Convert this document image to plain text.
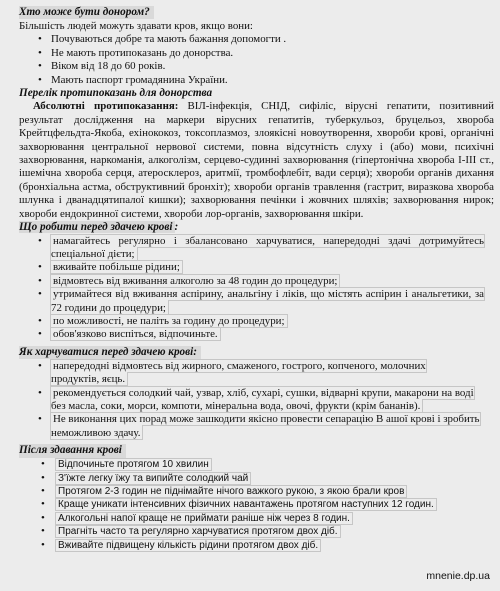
Хто може бути донором?
Більшість людей можуть здавати кров, якщо вони:
• Почуваються добре та мають бажання допомогти .
• Не мають протипоказань до донорства.
• Віком від 18 до 60 років.
• Мають паспорт громадянина України.
Перелік протипоказань для донорства
Абсолютні протипоказання: ВІЛ-інфекція, СНІД, сифіліс, вірусні гепатити, позитивний результат дослідження на маркери вірусних гепатитів, туберкульоз, бруцельоз, хвороба Крейтцфельдта-Якоба, ехінококоз, токсоплазмоз, злоякісні новоутворення, хвороби крові, органічні захворювання центральної нервової системи, повна відсутність слуху і (або) мови, психічні захворювання, наркоманія, алкоголізм, серцево-судинні захворювання (гіпертонічна хвороба І-ІІІ ст., ішемічна хвороба серця, атеросклероз, аритмії, тромбофлебіт, вади серця); хвороби органів дихання (бронхіальна астма, обструктивний бронхіт); хвороби органів травлення (гастрит, виразкова хвороба шлунка і дванадцятипалої кишки); захворювання печінки і жовчних шляхів; захворювання нирок; хвороби ендокринної системи, хвороби лор-органів, захворювання шкіри.
Що робити перед здачею крові :
• намагайтесь регулярно і збалансовано харчуватися, напередодні здачі дотримуйтесь спеціальної дієти;
• вживайте побільше рідини;
• відмовтесь від вживання алкоголю за 48 годин до процедури;
• утримайтеся від вживання аспірину, анальгіну і ліків, що містять аспірин і анальгетики, за 72 години до процедури;
• по можливості, не паліть за годину до процедури;
• обов'язково виспіться, відпочиньте.
Як харчуватися перед здачею крові:
• напередодні відмовтесь від жирного, смаженого, гострого, копченого, молочних продуктів, яєць.
• рекомендується солодкий чай, узвар, хліб, сухарі, сушки, відварні крупи, макарони на воді без масла, соки, морси, компоти, мінеральна вода, овочі, фрукти (крім бананів).
• Не виконання цих порад може зашкодити якісно провести сепарацію В ашої крові і зробить неможливою здачу.
Після здавання крові
• Відпочиньте протягом 10 хвилин
• З'їжте легку їжу та випийте солодкий чай
• Протягом 2-3 годин не піднімайте нічого важкого рукою, з якою брали кров
• Краще уникати інтенсивних фізичних навантажень протягом наступних 12 годин.
• Алкогольні напої краще не приймати раніше ніж через 8 годин.
• Прагніть часто та регулярно харчуватися протягом двох діб.
• Вживайте підвищену кількість рідини протягом двох діб.
mnenie.dp.ua
